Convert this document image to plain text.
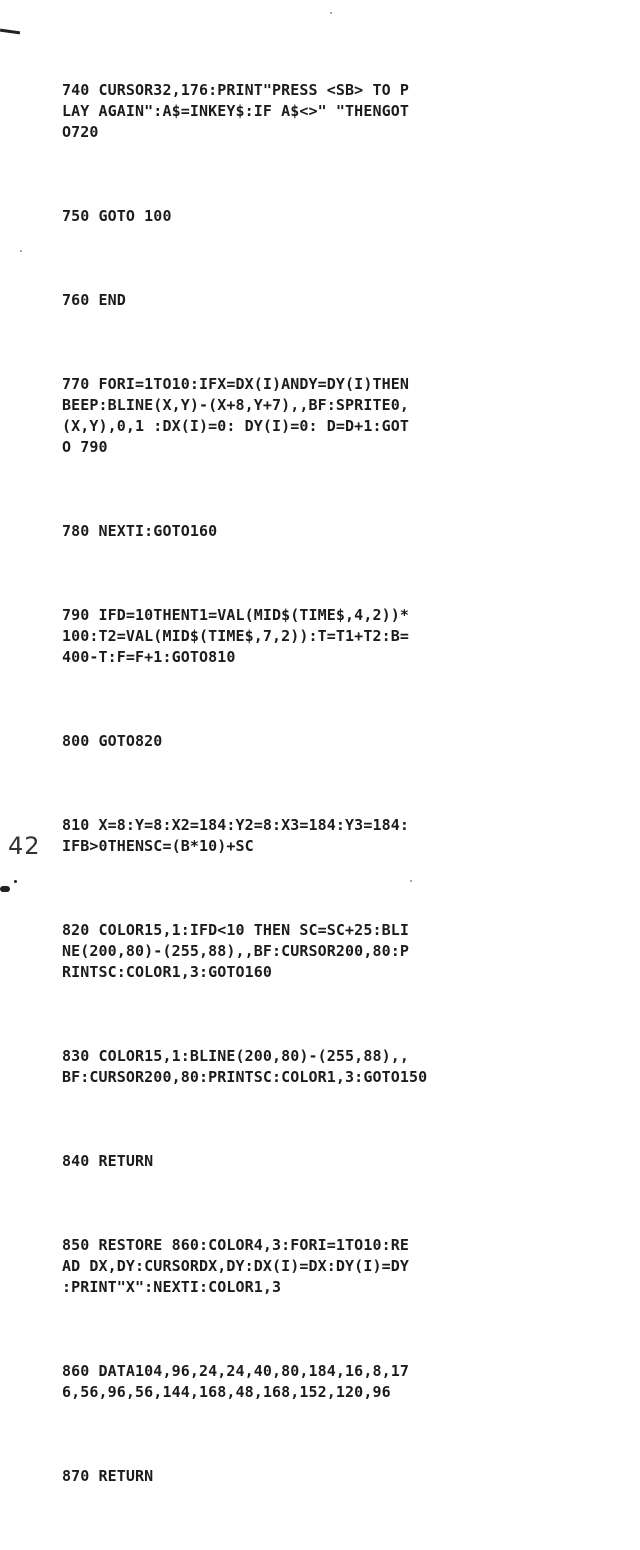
740 CURSOR32,176:PRINT"PRESS <SB> TO P
LAY AGAIN":A$=INKEY$:IF A$<>" "THENGOT
O720

750 GOTO 100

760 END

770 FORI=1TO10:IFX=DX(I)ANDY=DY(I)THEN
BEEP:BLINE(X,Y)-(X+8,Y+7),,BF:SPRITE0,
(X,Y),0,1 :DX(I)=0: DY(I)=0: D=D+1:GOT
O 790

780 NEXTI:GOTO160

790 IFD=10THENT1=VAL(MID$(TIME$,4,2))*
100:T2=VAL(MID$(TIME$,7,2)):T=T1+T2:B=
400-T:F=F+1:GOTO810

800 GOTO820

810 X=8:Y=8:X2=184:Y2=8:X3=184:Y3=184:
IFB>0THENSC=(B*10)+SC

820 COLOR15,1:IFD<10 THEN SC=SC+25:BLI
NE(200,80)-(255,88),,BF:CURSOR200,80:P
RINTSC:COLOR1,3:GOTO160

830 COLOR15,1:BLINE(200,80)-(255,88),,
BF:CURSOR200,80:PRINTSC:COLOR1,3:GOTO150

840 RETURN

850 RESTORE 860:COLOR4,3:FORI=1TO10:RE
AD DX,DY:CURSORDX,DY:DX(I)=DX:DY(I)=DY
:PRINT"X":NEXTI:COLOR1,3

860 DATA104,96,24,24,40,80,184,16,8,17
6,56,96,56,144,168,48,168,152,120,96

870 RETURN

42
